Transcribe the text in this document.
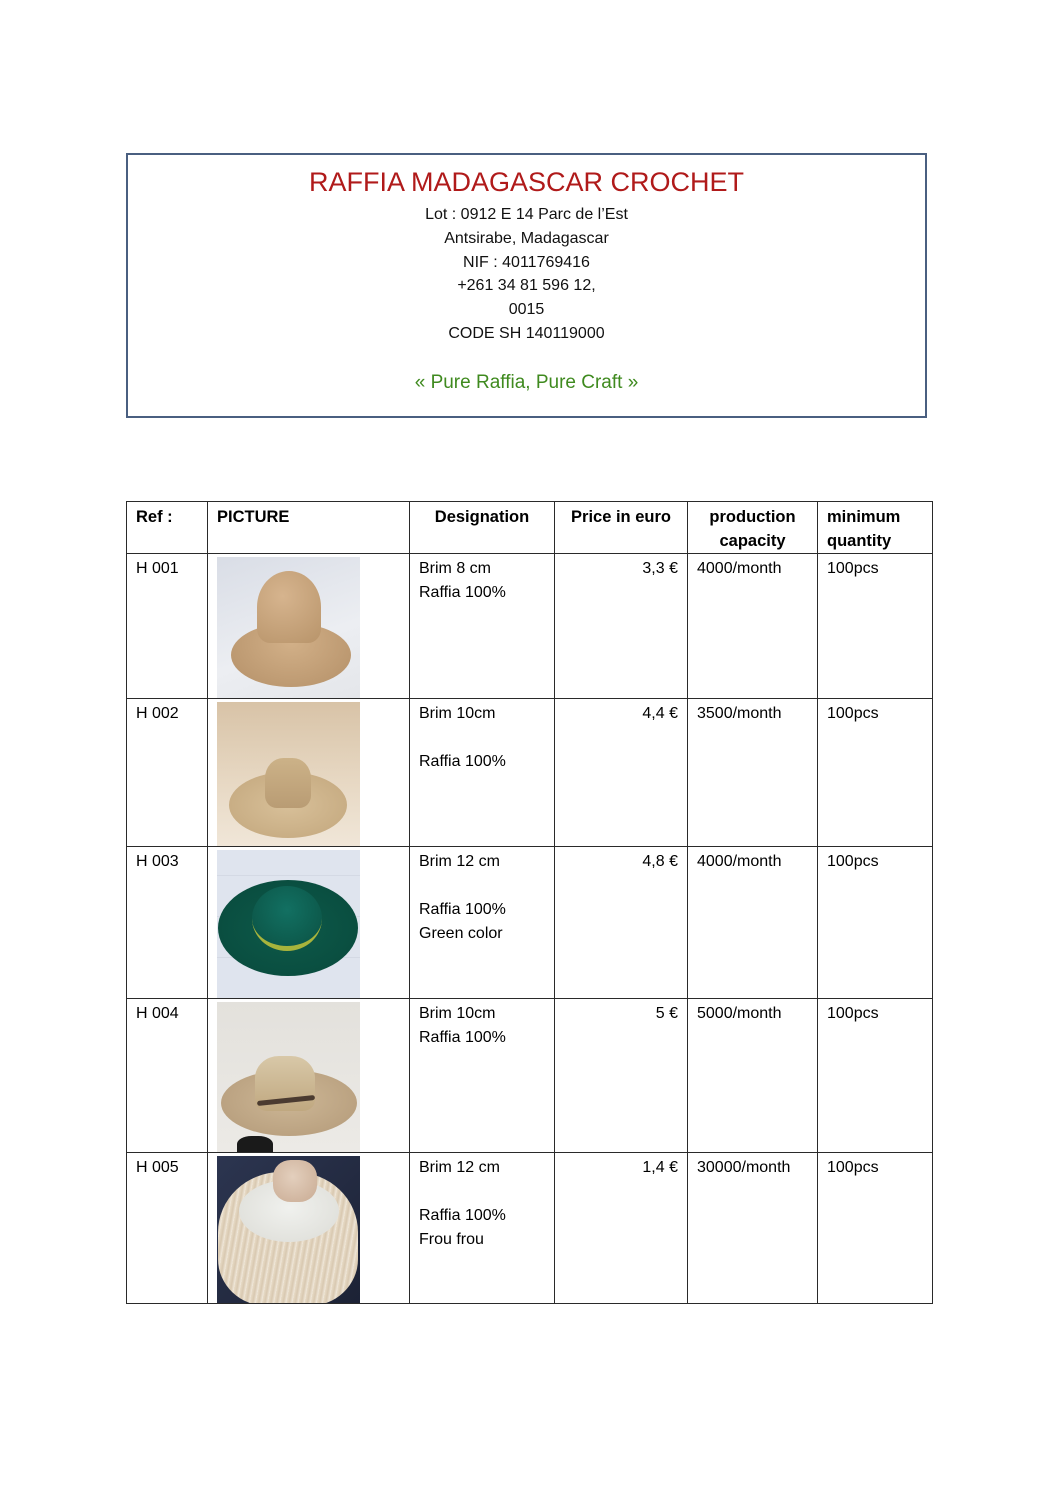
RAFFIA MADAGASCAR CROCHET
Lot : 0912 E 14 Parc de l’Est
Antsirabe, Madagascar
NIF : 4011769416
+261 34 81 596 12,
0015
CODE SH 140119000
« Pure Raffia, Pure Craft »
Ref :	PICTURE	Designation	Price in euro	production capacity	minimum quantity
H 001		Brim 8 cm
Raffia 100%	3,3 €	4000/month	100pcs
H 002		Brim 10cm
Raffia 100%	4,4 €	3500/month	100pcs
H 003		Brim 12 cm
Raffia 100%
Green color	4,8 €	4000/month	100pcs
H 004		Brim 10cm
Raffia 100%	5 €	5000/month	100pcs
H 005		Brim 12 cm
Raffia 100%
Frou frou	1,4 €	30000/month	100pcs
